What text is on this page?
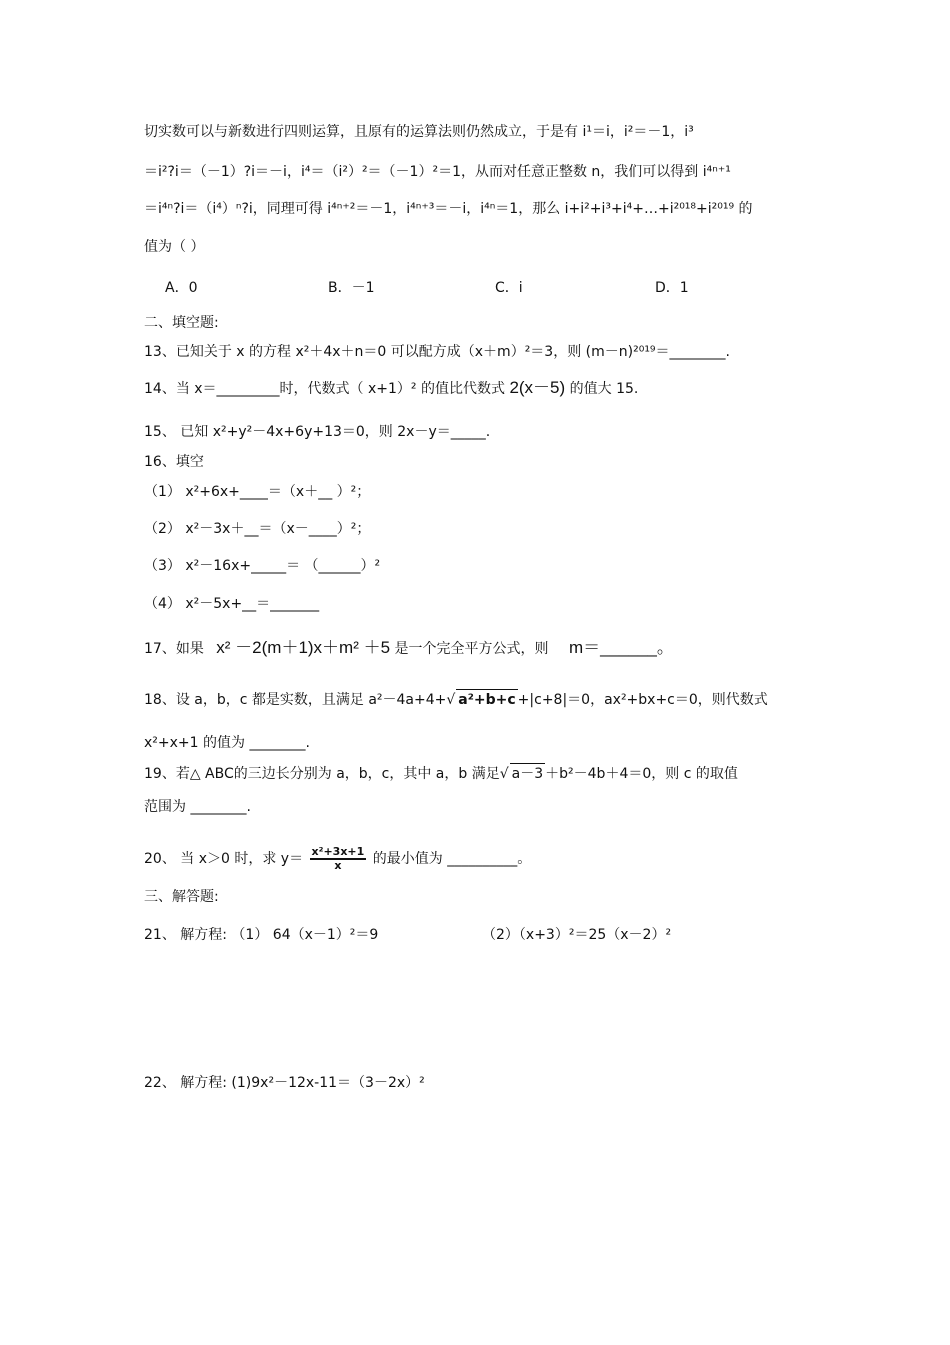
切实数可以与新数进行四则运算，且原有的运算法则仍然成立，于是有 i¹＝i，i²＝－1，i³
＝i²?i＝（－1）?i＝－i，i⁴＝（i²）²＝（－1）²＝1，从而对任意正整数 n，我们可以得到 i⁴ⁿ⁺¹
＝i⁴ⁿ?i＝（i⁴）ⁿ?i，同理可得 i⁴ⁿ⁺²＝－1，i⁴ⁿ⁺³＝－i，i⁴ⁿ＝1，那么 i+i²+i³+i⁴+…+i²⁰¹⁸+i²⁰¹⁹ 的
值为（ ）
A．0	B．－1	C．i	D．1
二、填空题:
13、已知关于 x 的方程 x²＋4x＋n＝0 可以配方成（x＋m）²＝3，则 (m－n)²⁰¹⁹＝________.
14、当 x＝_________时，代数式（ x+1）² 的值比代数式 2(x－5) 的值大 15.
15、 已知 x²+y²－4x+6y+13＝0，则 2x－y＝_____.
16、填空
（1） x²+6x+____＝（x＋__ ）²；
（2） x²－3x＋__＝（x－____）²；
（3） x²－16x+_____＝ （______）²
（4） x²－5x+__＝_______
17、如果 x² －2(m＋1)x＋m² ＋5 是一个完全平方公式，则 m＝______。
18、设 a，b，c 都是实数，且满足 a²－4a+4+√ a²+b+c +|c+8|＝0，ax²+bx+c＝0，则代数式
x²+x+1 的值为 ________.
19、若△ ABC的三边长分别为 a，b，c，其中 a，b 满足√ a－3 ＋b²－4b＋4＝0，则 c 的取值
范围为 ________.
20、 当 x＞0 时，求 $y= \frac{\text{x²+3x+1}}{x}$ 的最小值为 __________。
三、解答题:
21、 解方程: （1） 64（x－1）²＝9	（2）（x+3）²＝25（x－2）²
22、 解方程: (1)9x²－12x-11＝（3－2x）²
